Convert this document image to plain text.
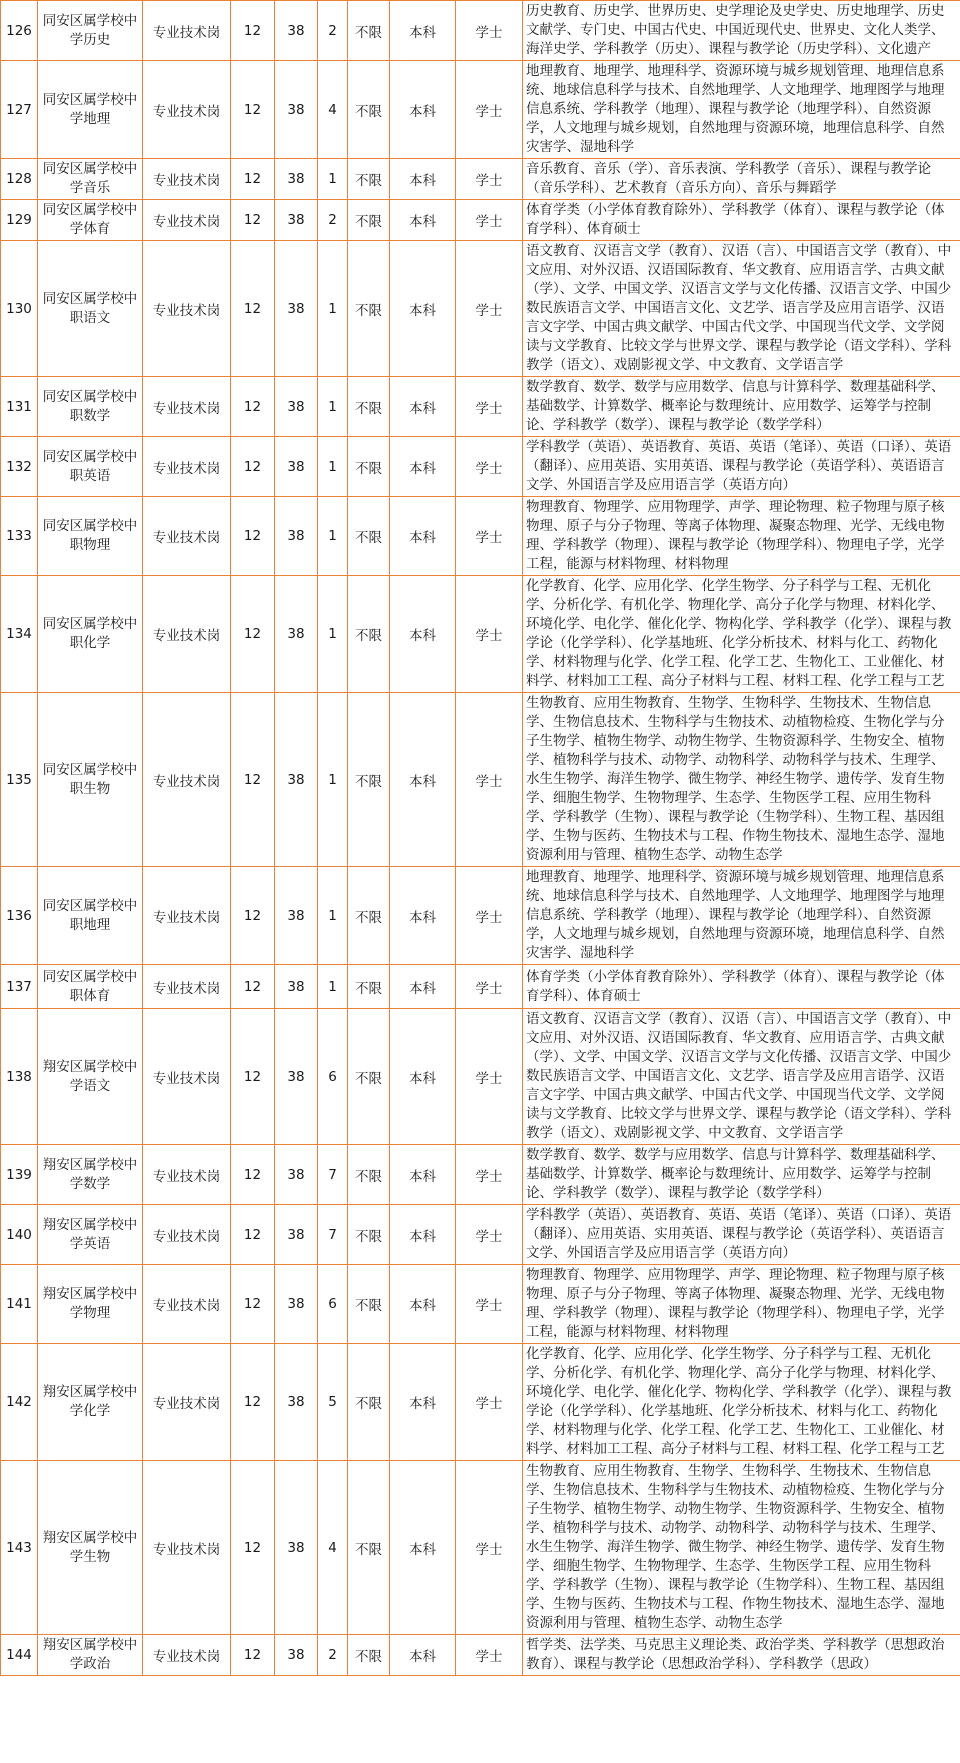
126	同安区属学校中学历史	专业技术岗	12	38	2	不限	本科	学士	历史教育、历史学、世界历史、史学理论及史学史、历史地理学、历史文献学、专门史、中国古代史、中国近现代史、世界史、文化人类学、海洋史学、学科教学（历史）、课程与教学论（历史学科）、文化遗产
127	同安区属学校中学地理	专业技术岗	12	38	4	不限	本科	学士	地理教育、地理学、地理科学、资源环境与城乡规划管理、地理信息系统、地球信息科学与技术、自然地理学、人文地理学、地理图学与地理信息系统、学科教学（地理）、课程与教学论（地理学科）、自然资源学，人文地理与城乡规划，自然地理与资源环境，地理信息科学、自然灾害学、湿地科学
128	同安区属学校中学音乐	专业技术岗	12	38	1	不限	本科	学士	音乐教育、音乐（学）、音乐表演、学科教学（音乐）、课程与教学论（音乐学科）、艺术教育（音乐方向）、音乐与舞蹈学
129	同安区属学校中学体育	专业技术岗	12	38	2	不限	本科	学士	体育学类（小学体育教育除外）、学科教学（体育）、课程与教学论（体育学科）、体育硕士
130	同安区属学校中职语文	专业技术岗	12	38	1	不限	本科	学士	语文教育、汉语言文学（教育）、汉语（言）、中国语言文学（教育）、中文应用、对外汉语、汉语国际教育、华文教育、应用语言学、古典文献（学）、文学、中国文学、汉语言文学与文化传播、汉语言文学、中国少数民族语言文学、中国语言文化、文艺学、语言学及应用言语学、汉语言文字学、中国古典文献学、中国古代文学、中国现当代文学、文学阅读与文学教育、比较文学与世界文学、课程与教学论（语文学科）、学科教学（语文）、戏剧影视文学、中文教育、文学语言学
131	同安区属学校中职数学	专业技术岗	12	38	1	不限	本科	学士	数学教育、数学、数学与应用数学、信息与计算科学、数理基础科学、基础数学、计算数学、概率论与数理统计、应用数学、运筹学与控制论、学科教学（数学）、课程与教学论（数学学科）
132	同安区属学校中职英语	专业技术岗	12	38	1	不限	本科	学士	学科教学（英语）、英语教育、英语、英语（笔译）、英语（口译）、英语（翻译）、应用英语、实用英语、课程与教学论（英语学科）、英语语言文学、外国语言学及应用语言学（英语方向）
133	同安区属学校中职物理	专业技术岗	12	38	1	不限	本科	学士	物理教育、物理学、应用物理学、声学、理论物理、粒子物理与原子核物理、原子与分子物理、等离子体物理、凝聚态物理、光学、无线电物理、学科教学（物理）、课程与教学论（物理学科）、物理电子学，光学工程，能源与材料物理、材料物理
134	同安区属学校中职化学	专业技术岗	12	38	1	不限	本科	学士	化学教育、化学、应用化学、化学生物学、分子科学与工程、无机化学、分析化学、有机化学、物理化学、高分子化学与物理、材料化学、环境化学、电化学、催化化学、物构化学、学科教学（化学）、课程与教学论（化学学科）、化学基地班、化学分析技术、材料与化工、药物化学、材料物理与化学、化学工程、化学工艺、生物化工、工业催化、材料学、材料加工工程、高分子材料与工程、材料工程、化学工程与工艺
135	同安区属学校中职生物	专业技术岗	12	38	1	不限	本科	学士	生物教育、应用生物教育、生物学、生物科学、生物技术、生物信息学、生物信息技术、生物科学与生物技术、动植物检疫、生物化学与分子生物学、植物生物学、动物生物学、生物资源科学、生物安全、植物学、植物科学与技术、动物学、动物科学、动物科学与技术、生理学、水生生物学、海洋生物学、微生物学、神经生物学、遗传学、发育生物学、细胞生物学、生物物理学、生态学、生物医学工程、应用生物科学、学科教学（生物）、课程与教学论（生物学科）、生物工程、基因组学、生物与医药、生物技术与工程、作物生物技术、湿地生态学、湿地资源利用与管理、植物生态学、动物生态学
136	同安区属学校中职地理	专业技术岗	12	38	1	不限	本科	学士	地理教育、地理学、地理科学、资源环境与城乡规划管理、地理信息系统、地球信息科学与技术、自然地理学、人文地理学、地理图学与地理信息系统、学科教学（地理）、课程与教学论（地理学科）、自然资源学，人文地理与城乡规划，自然地理与资源环境，地理信息科学、自然灾害学、湿地科学
137	同安区属学校中职体育	专业技术岗	12	38	1	不限	本科	学士	体育学类（小学体育教育除外）、学科教学（体育）、课程与教学论（体育学科）、体育硕士
138	翔安区属学校中学语文	专业技术岗	12	38	6	不限	本科	学士	语文教育、汉语言文学（教育）、汉语（言）、中国语言文学（教育）、中文应用、对外汉语、汉语国际教育、华文教育、应用语言学、古典文献（学）、文学、中国文学、汉语言文学与文化传播、汉语言文学、中国少数民族语言文学、中国语言文化、文艺学、语言学及应用言语学、汉语言文字学、中国古典文献学、中国古代文学、中国现当代文学、文学阅读与文学教育、比较文学与世界文学、课程与教学论（语文学科）、学科教学（语文）、戏剧影视文学、中文教育、文学语言学
139	翔安区属学校中学数学	专业技术岗	12	38	7	不限	本科	学士	数学教育、数学、数学与应用数学、信息与计算科学、数理基础科学、基础数学、计算数学、概率论与数理统计、应用数学、运筹学与控制论、学科教学（数学）、课程与教学论（数学学科）
140	翔安区属学校中学英语	专业技术岗	12	38	7	不限	本科	学士	学科教学（英语）、英语教育、英语、英语（笔译）、英语（口译）、英语（翻译）、应用英语、实用英语、课程与教学论（英语学科）、英语语言文学、外国语言学及应用语言学（英语方向）
141	翔安区属学校中学物理	专业技术岗	12	38	6	不限	本科	学士	物理教育、物理学、应用物理学、声学、理论物理、粒子物理与原子核物理、原子与分子物理、等离子体物理、凝聚态物理、光学、无线电物理、学科教学（物理）、课程与教学论（物理学科）、物理电子学，光学工程，能源与材料物理、材料物理
142	翔安区属学校中学化学	专业技术岗	12	38	5	不限	本科	学士	化学教育、化学、应用化学、化学生物学、分子科学与工程、无机化学、分析化学、有机化学、物理化学、高分子化学与物理、材料化学、环境化学、电化学、催化化学、物构化学、学科教学（化学）、课程与教学论（化学学科）、化学基地班、化学分析技术、材料与化工、药物化学、材料物理与化学、化学工程、化学工艺、生物化工、工业催化、材料学、材料加工工程、高分子材料与工程、材料工程、化学工程与工艺
143	翔安区属学校中学生物	专业技术岗	12	38	4	不限	本科	学士	生物教育、应用生物教育、生物学、生物科学、生物技术、生物信息学、生物信息技术、生物科学与生物技术、动植物检疫、生物化学与分子生物学、植物生物学、动物生物学、生物资源科学、生物安全、植物学、植物科学与技术、动物学、动物科学、动物科学与技术、生理学、水生生物学、海洋生物学、微生物学、神经生物学、遗传学、发育生物学、细胞生物学、生物物理学、生态学、生物医学工程、应用生物科学、学科教学（生物）、课程与教学论（生物学科）、生物工程、基因组学、生物与医药、生物技术与工程、作物生物技术、湿地生态学、湿地资源利用与管理、植物生态学、动物生态学
144	翔安区属学校中学政治	专业技术岗	12	38	2	不限	本科	学士	哲学类、法学类、马克思主义理论类、政治学类、学科教学（思想政治教育）、课程与教学论（思想政治学科）、学科教学（思政）
